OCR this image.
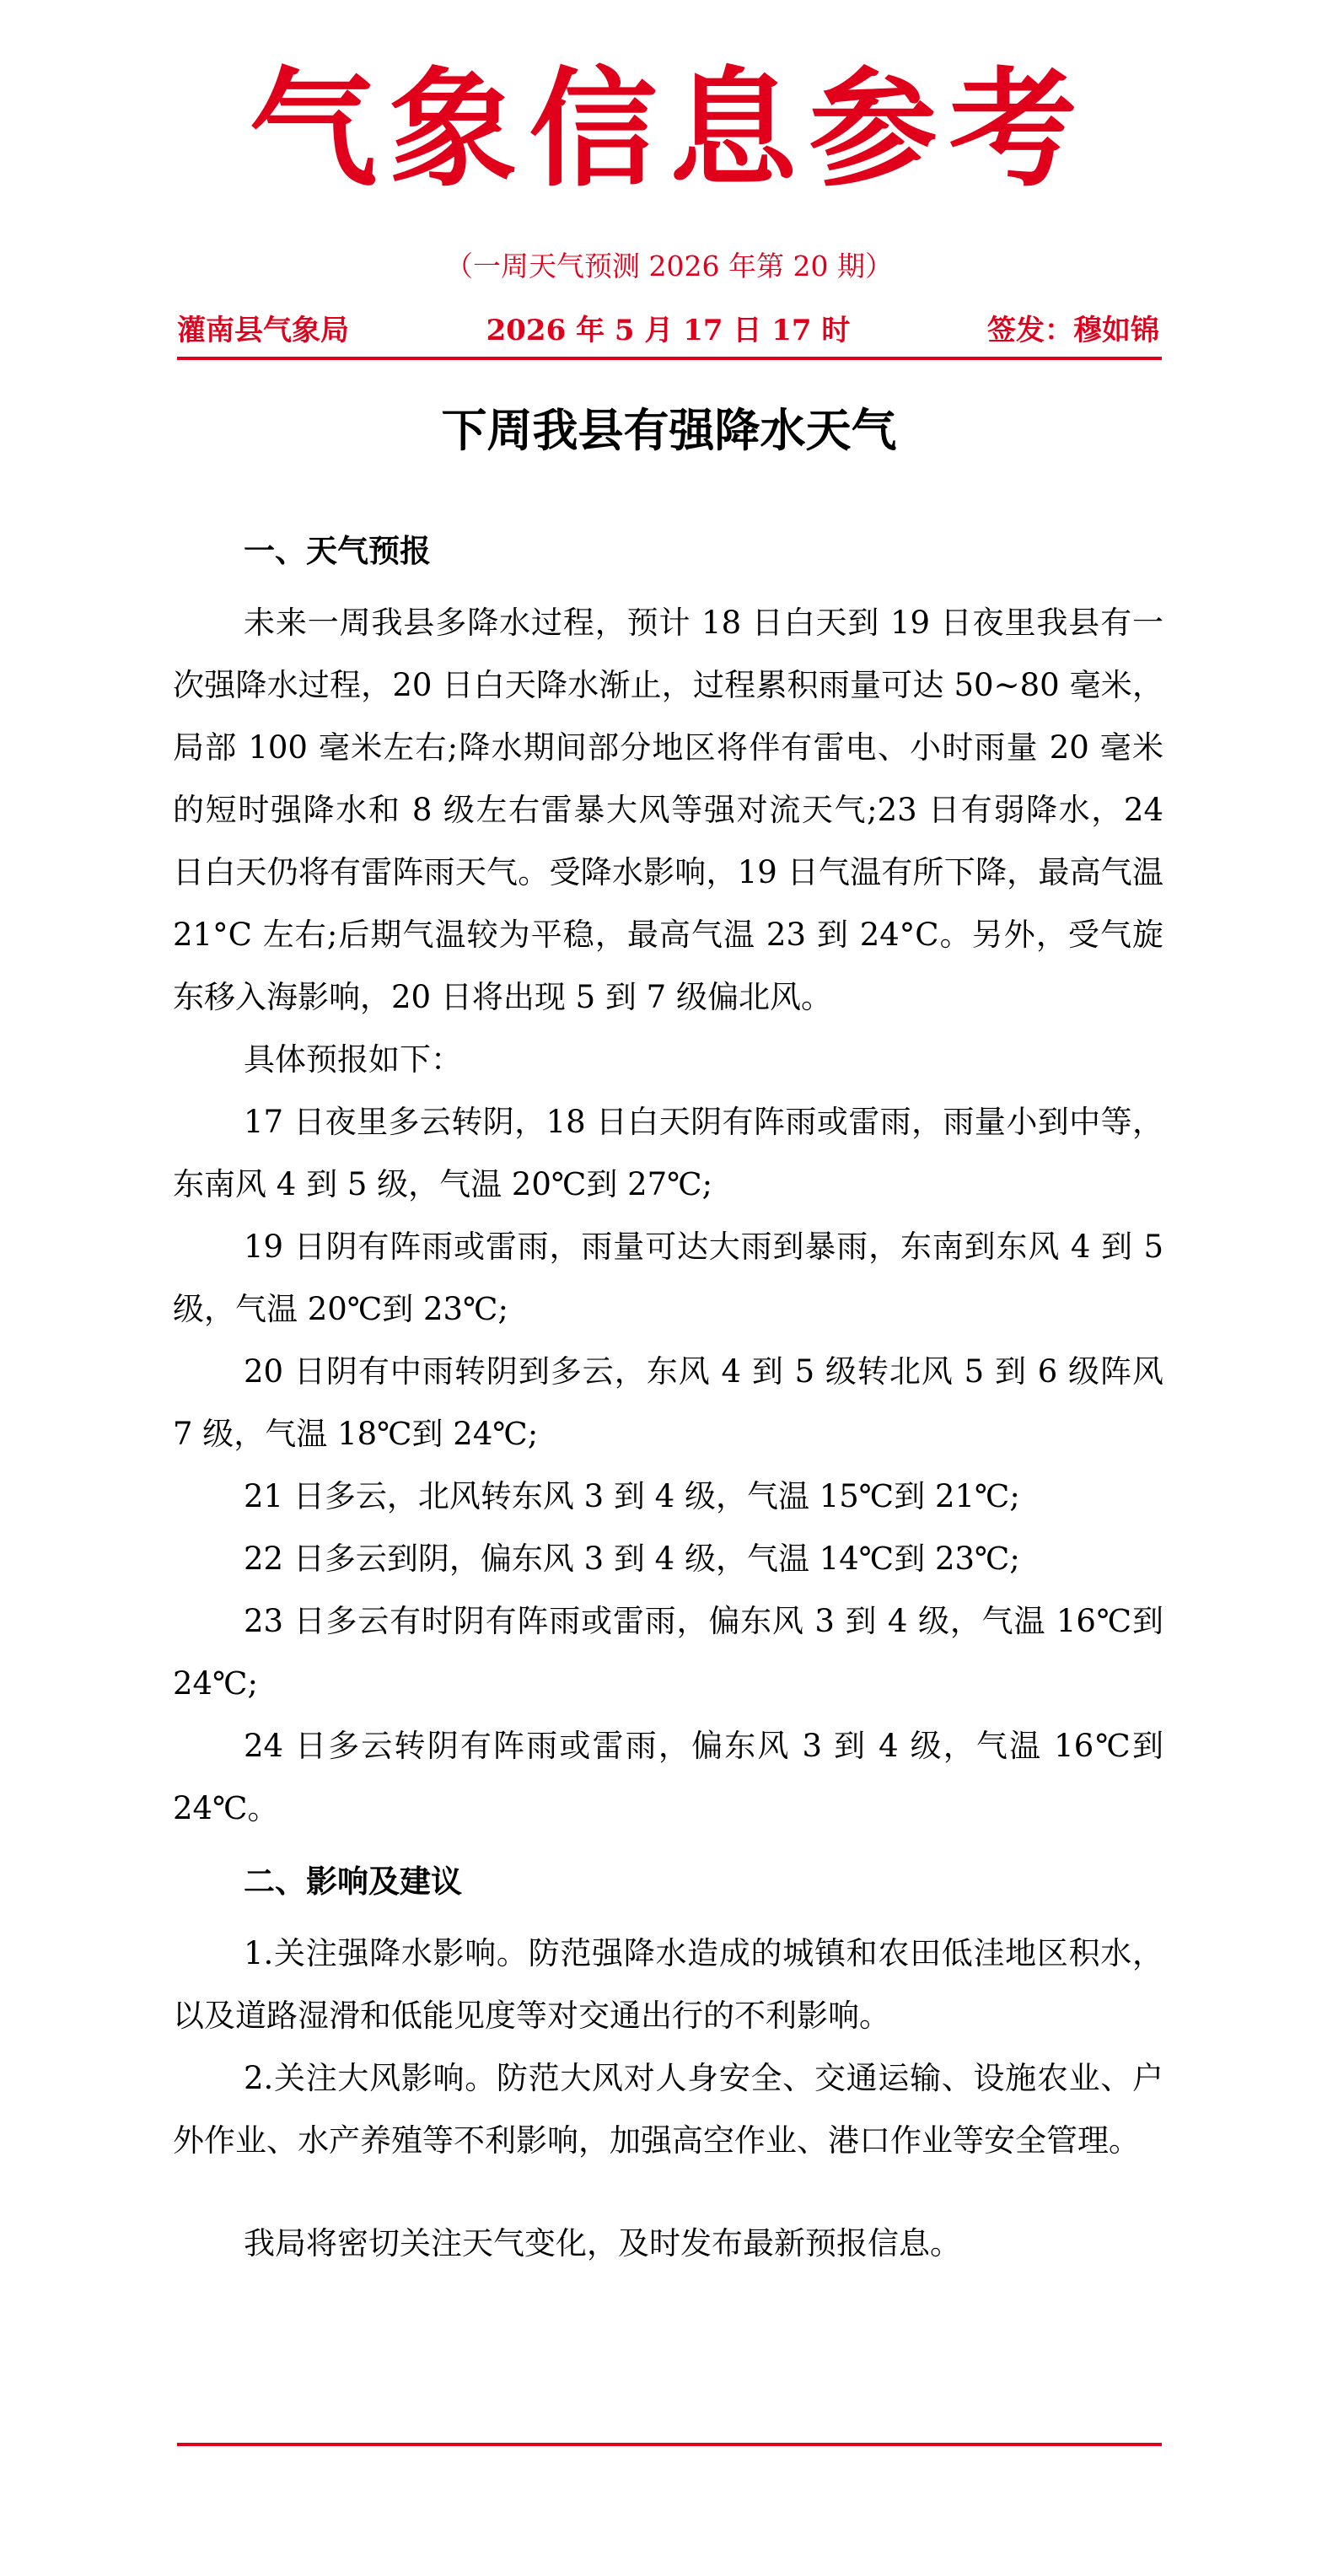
气象信息参考
（一周天气预测 2026 年第 20 期）
灌南县气象局	2026 年 5 月 17 日 17 时	签发：穆如锦
下周我县有强降水天气

一、天气预报

未来一周我县多降水过程，预计 18 日白天到 19 日夜里我县有一次强降水过程，20 日白天降水渐止，过程累积雨量可达 50~80 毫米，局部 100 毫米左右;降水期间部分地区将伴有雷电、小时雨量 20 毫米的短时强降水和 8 级左右雷暴大风等强对流天气;23 日有弱降水，24 日白天仍将有雷阵雨天气。受降水影响，19 日气温有所下降，最高气温 21°C 左右;后期气温较为平稳，最高气温 23 到 24°C。另外，受气旋东移入海影响，20 日将出现 5 到 7 级偏北风。

具体预报如下：

17 日夜里多云转阴，18 日白天阴有阵雨或雷雨，雨量小到中等，东南风 4 到 5 级，气温 20℃到 27℃;

19 日阴有阵雨或雷雨，雨量可达大雨到暴雨，东南到东风 4 到 5 级，气温 20℃到 23℃;

20 日阴有中雨转阴到多云，东风 4 到 5 级转北风 5 到 6 级阵风 7 级，气温 18℃到 24℃;

21 日多云，北风转东风 3 到 4 级，气温 15℃到 21℃;

22 日多云到阴，偏东风 3 到 4 级，气温 14℃到 23℃;

23 日多云有时阴有阵雨或雷雨，偏东风 3 到 4 级，气温 16℃到 24℃;

24 日多云转阴有阵雨或雷雨，偏东风 3 到 4 级，气温 16℃到 24℃。

二、影响及建议

1.关注强降水影响。防范强降水造成的城镇和农田低洼地区积水，以及道路湿滑和低能见度等对交通出行的不利影响。

2.关注大风影响。防范大风对人身安全、交通运输、设施农业、户外作业、水产养殖等不利影响，加强高空作业、港口作业等安全管理。

我局将密切关注天气变化，及时发布最新预报信息。
